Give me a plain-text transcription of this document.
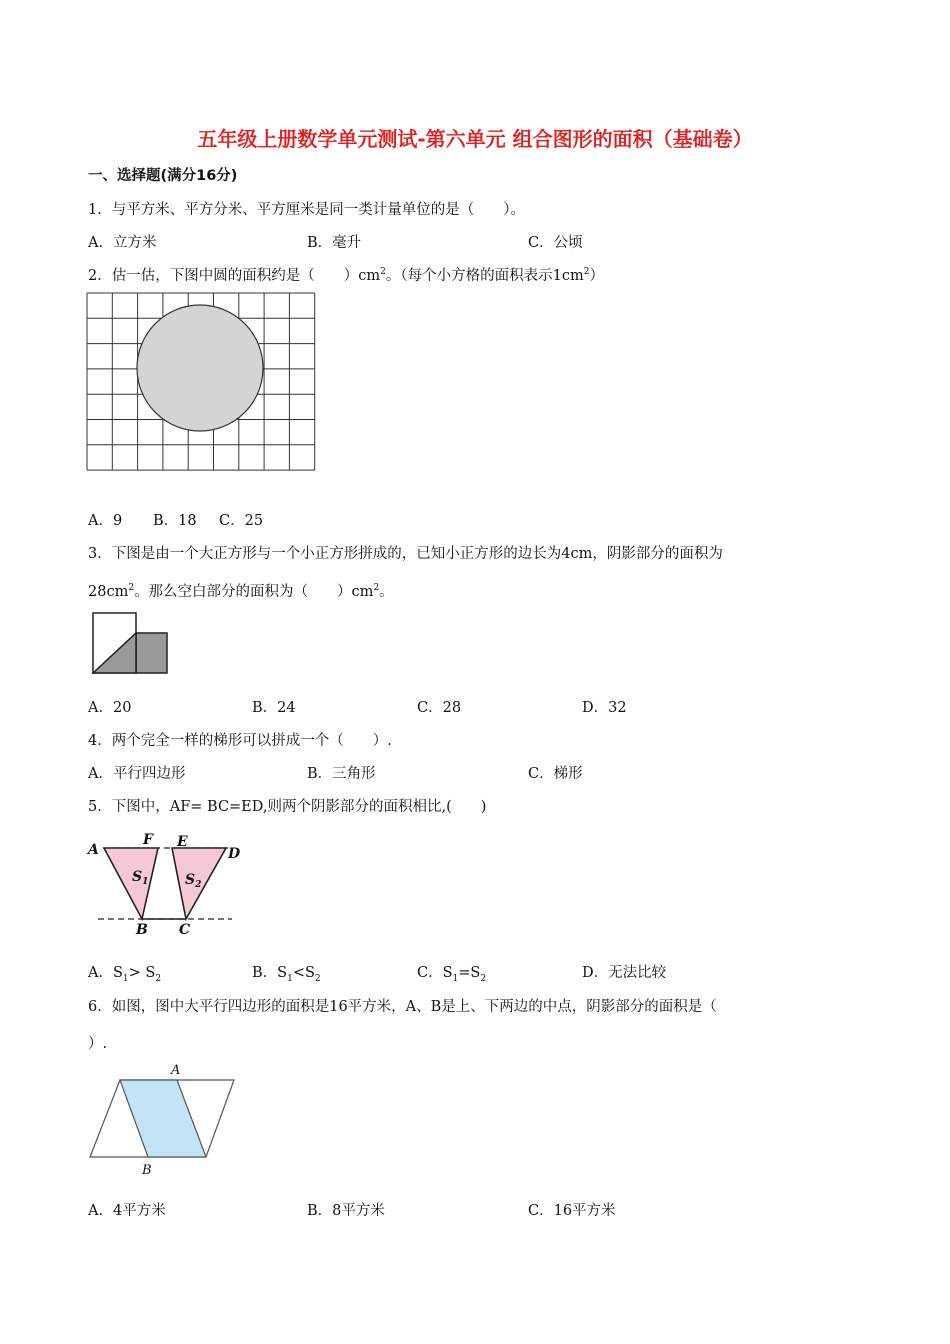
五年级上册数学单元测试-第六单元 组合图形的面积（基础卷）
一、选择题(满分16分)
1．与平方米、平方分米、平方厘米是同一类计量单位的是（　　）。
A．立方米	B．毫升	C．公顷
2．估一估，下图中圆的面积约是（　　）$cm^2$。（每个小方格的面积表示$1cm^2$）
A．9 B．18 C．25
3．下图是由一个大正方形与一个小正方形拼成的，已知小正方形的边长为4cm，阴影部分的面积为
$28cm^2$。那么空白部分的面积为（　　）$cm^2$。
A．20	B．24	C．28	D．32
4．两个完全一样的梯形可以拼成一个（　　）.
A．平行四边形	B．三角形	C．梯形
5．下图中，AF= BC=ED,则两个阴影部分的面积相比,(　　)
A
F E
D
B C
$S_1$	$S_2$
A．$S_1> S_2$	B．$S_1<S_2$	C．$S_1=S_2$	D．无法比较
6．如图，图中大平行四边形的面积是16平方米，A、B是上、下两边的中点，阴影部分的面积是（
）.
A
B
A．4平方米	B．8平方米	C．16平方米
